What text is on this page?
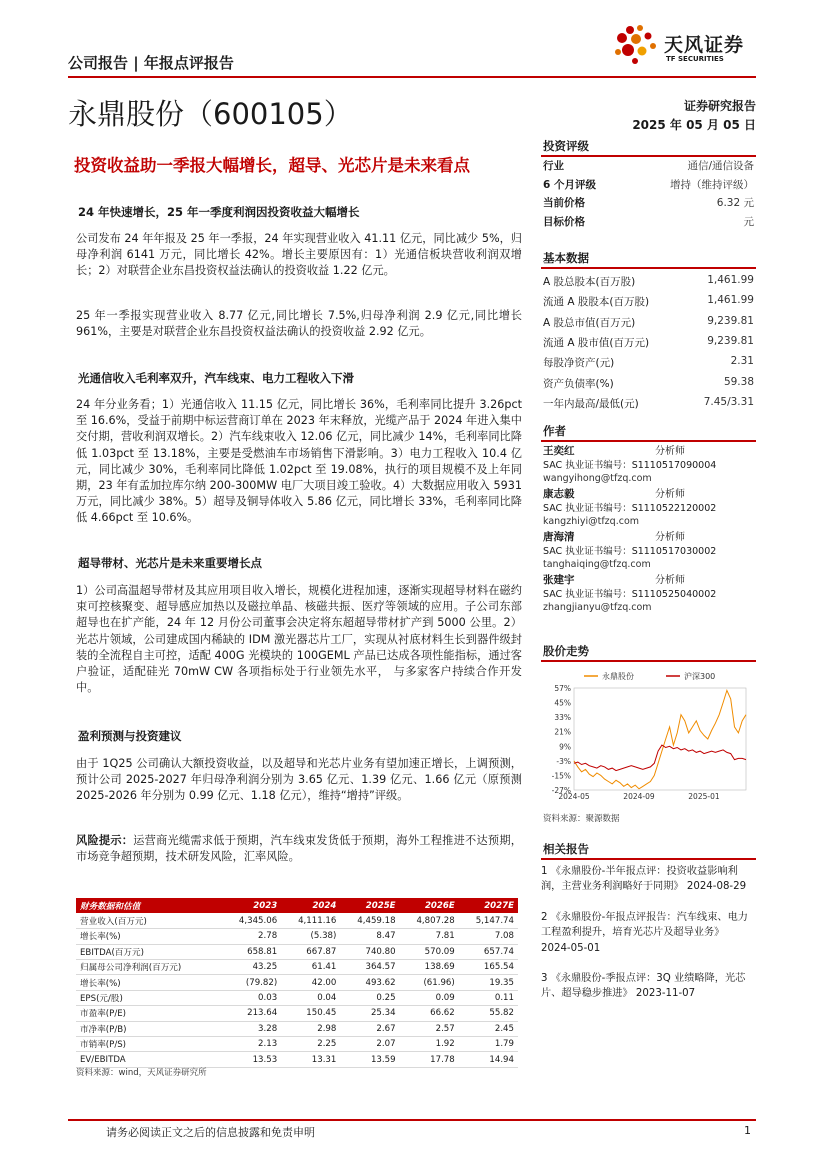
公司报告 | 年报点评报告
天风证券
TF SECURITIES
永鼎股份（600105）	证券研究报告
2025 年 05 月 05 日
投资收益助一季报大幅增长，超导、光芯片是未来看点
24 年快速增长，25 年一季度利润因投资收益大幅增长
公司发布 24 年年报及 25 年一季报，24 年实现营业收入 41.11 亿元，同比减少 5%，归母净利润 6141 万元，同比增长 42%。增长主要原因有：1）光通信板块营收利润双增长；2）对联营企业东昌投资权益法确认的投资收益 1.22 亿元。
25 年一季报实现营业收入 8.77 亿元,同比增长 7.5%,归母净利润 2.9 亿元,同比增长 961%，主要是对联营企业东昌投资权益法确认的投资收益 2.92 亿元。
光通信收入毛利率双升，汽车线束、电力工程收入下滑
24 年分业务看；1）光通信收入 11.15 亿元，同比增长 36%，毛利率同比提升 3.26pct 至 16.6%，受益于前期中标运营商订单在 2023 年末释放，光缆产品于 2024 年进入集中交付期，营收利润双增长。2）汽车线束收入 12.06 亿元，同比减少 14%，毛利率同比降低 1.03pct 至 13.18%，主要是受燃油车市场销售下滑影响。3）电力工程收入 10.4 亿元，同比减少 30%，毛利率同比降低 1.02pct 至 19.08%，执行的项目规模不及上年同期，23 年有孟加拉库尔纳 200-300MW 电厂大项目竣工验收。4）大数据应用收入 5931 万元，同比减少 38%。5）超导及铜导体收入 5.86 亿元，同比增长 33%，毛利率同比降低 4.66pct 至 10.6%。
超导带材、光芯片是未来重要增长点
1）公司高温超导带材及其应用项目收入增长，规模化进程加速，逐渐实现超导材料在磁约束可控核聚变、超导感应加热以及磁拉单晶、核磁共振、医疗等领域的应用。子公司东部超导也在扩产能，24 年 12 月份公司董事会决定将东超超导带材扩产到 5000 公里。2）光芯片领域，公司建成国内稀缺的 IDM 激光器芯片工厂，实现从衬底材料生长到器件级封装的全流程自主可控，适配 400G 光模块的 100GEML 产品已达成各项性能指标，通过客户验证，适配硅光 70mW CW 各项指标处于行业领先水平， 与多家客户持续合作开发中。
盈利预测与投资建议
由于 1Q25 公司确认大额投资收益，以及超导和光芯片业务有望加速正增长，上调预测，预计公司 2025-2027 年归母净利润分别为 3.65 亿元、1.39 亿元、1.66 亿元（原预测 2025-2026 年分别为 0.99 亿元、1.18 亿元），维持“增持”评级。
风险提示：运营商光缆需求低于预期，汽车线束发货低于预期，海外工程推进不达预期，市场竞争超预期，技术研发风险，汇率风险。
财务数据和估值	2023	2024	2025E	2026E	2027E
营业收入(百万元)	4,345.06	4,111.16	4,459.18	4,807.28	5,147.74
增长率(%)	2.78	(5.38)	8.47	7.81	7.08
EBITDA(百万元)	658.81	667.87	740.80	570.09	657.74
归属母公司净利润(百万元)	43.25	61.41	364.57	138.69	165.54
增长率(%)	(79.82)	42.00	493.62	(61.96)	19.35
EPS(元/股)	0.03	0.04	0.25	0.09	0.11
市盈率(P/E)	213.64	150.45	25.34	66.62	55.82
市净率(P/B)	3.28	2.98	2.67	2.57	2.45
市销率(P/S)	2.13	2.25	2.07	1.92	1.79
EV/EBITDA	13.53	13.31	13.59	17.78	14.94
资料来源：wind，天风证券研究所
投资评级
行业	通信/通信设备
6 个月评级	增持（维持评级）
当前价格	6.32 元
目标价格	元
基本数据
A 股总股本(百万股)	1,461.99
流通 A 股股本(百万股)	1,461.99
A 股总市值(百万元)	9,239.81
流通 A 股市值(百万元)	9,239.81
每股净资产(元)	2.31
资产负债率(%)	59.38
一年内最高/最低(元)	7.45/3.31
作者
王奕红	分析师
SAC 执业证书编号：S1110517090004
wangyihong@tfzq.com
康志毅	分析师
SAC 执业证书编号：S1110522120002
kangzhiyi@tfzq.com
唐海清	分析师
SAC 执业证书编号：S1110517030002
tanghaiqing@tfzq.com
张建宇	分析师
SAC 执业证书编号：S1110525040002
zhangjianyu@tfzq.com
股价走势
57%
45%
33%
21%
9%
-3%
-15%
-27%
2024-05	2024-09	2025-01
永鼎股份	沪深300
资料来源：聚源数据
相关报告
1 《永鼎股份-半年报点评：投资收益影响利润，主营业务利润略好于同期》 2024-08-29
2 《永鼎股份-年报点评报告：汽车线束、电力工程盈利提升，培育光芯片及超导业务》 2024-05-01
3 《永鼎股份-季报点评：3Q 业绩略降，光芯片、超导稳步推进》 2023-11-07
请务必阅读正文之后的信息披露和免责申明	1
